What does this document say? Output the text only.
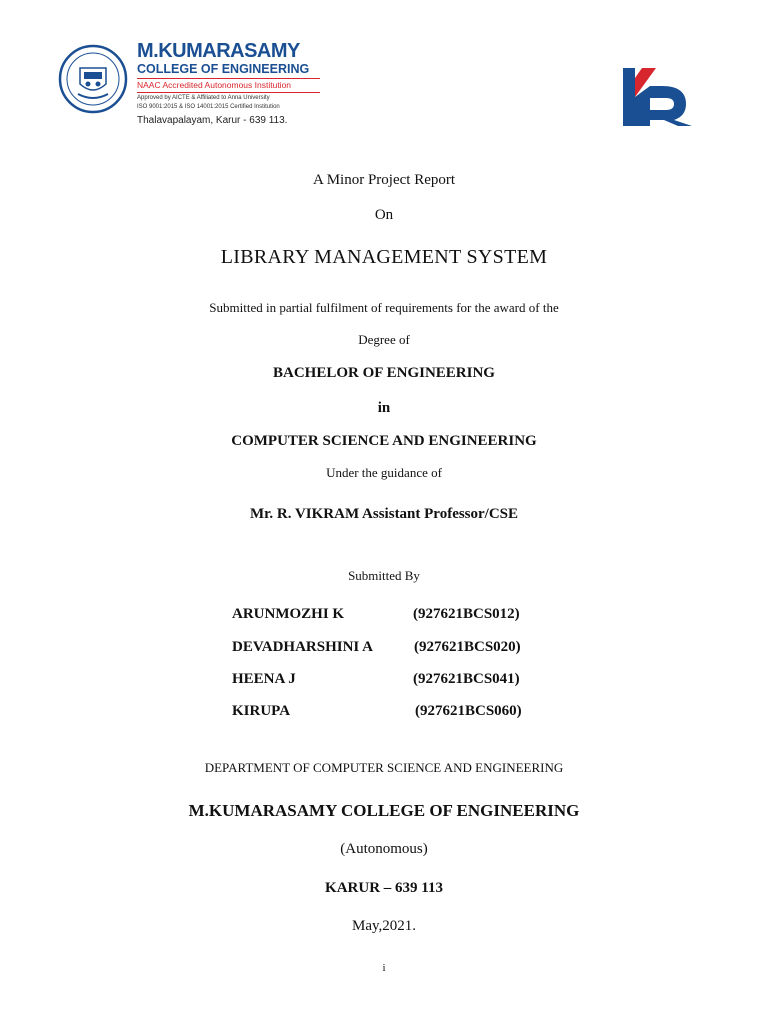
M.KUMARASAMY
COLLEGE OF ENGINEERING
NAAC Accredited Autonomous Institution
Approved by AICTE & Affiliated to Anna University
ISO 9001:2015 & ISO 14001:2015 Certified Institution
Thalavapalayam, Karur - 639 113.
A Minor Project Report
On
LIBRARY MANAGEMENT SYSTEM
Submitted in partial fulfilment of requirements for the award of the
Degree of
BACHELOR OF ENGINEERING
in
COMPUTER SCIENCE AND ENGINEERING
Under the guidance of
Mr. R. VIKRAM Assistant Professor/CSE
Submitted By
ARUNMOZHI K	(927621BCS012)
DEVADHARSHINI A	(927621BCS020)
HEENA J	(927621BCS041)
KIRUPA	(927621BCS060)
DEPARTMENT OF COMPUTER SCIENCE AND ENGINEERING
M.KUMARASAMY COLLEGE OF ENGINEERING
(Autonomous)
KARUR – 639 113
May,2021.
i
